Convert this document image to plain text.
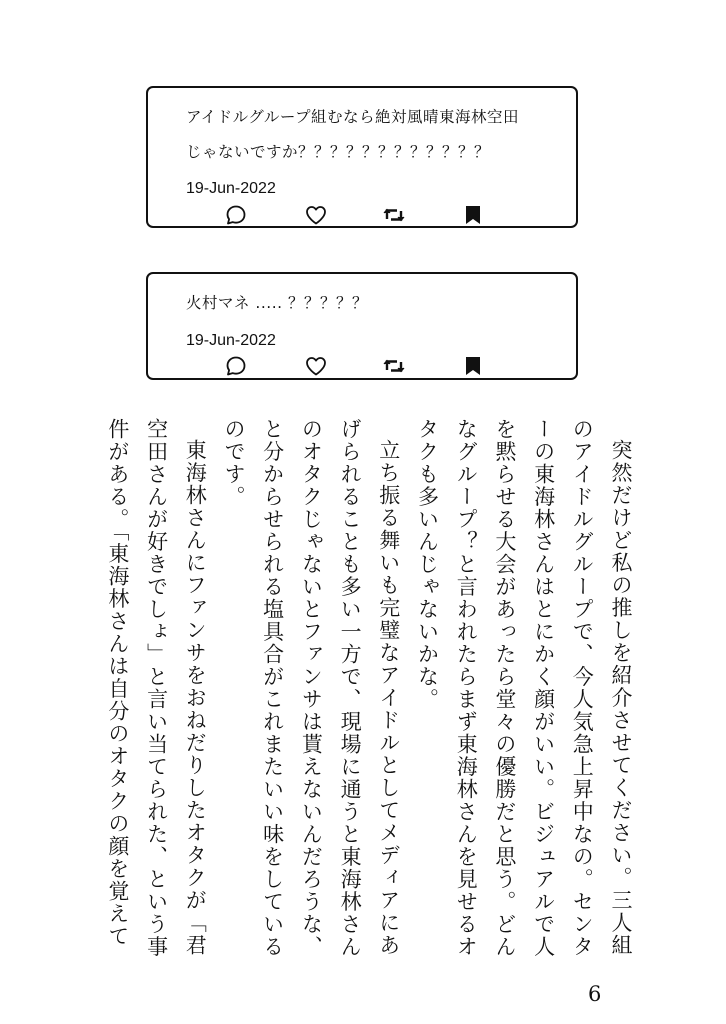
アイドルグループ組むなら絶対風晴東海林空田
じゃないですか？？？？？？？？？？？？
19-Jun-2022
火村マネ ..... ？？？？？
19-Jun-2022

突然だけど私の推しを紹介させてください。三人組のアイドルグループで、今人気急上昇中なの。センターの東海林さんはとにかく顔がいい。ビジュアルで人を黙らせる大会があったら堂々の優勝だと思う。どんなグループ？と言われたらまず東海林さんを見せるオタクも多いんじゃないかな。

立ち振る舞いも完璧なアイドルとしてメディアにあげられることも多い一方で、現場に通うと東海林さんのオタクじゃないとファンサは貰えないんだろうな、と分からせられる塩具合がこれまたいい味をしているのです。

東海林さんにファンサをおねだりしたオタクが「君空田さんが好きでしょ」と言い当てられた、という事件がある。「東海林さんは自分のオタクの顔を覚えて

6
